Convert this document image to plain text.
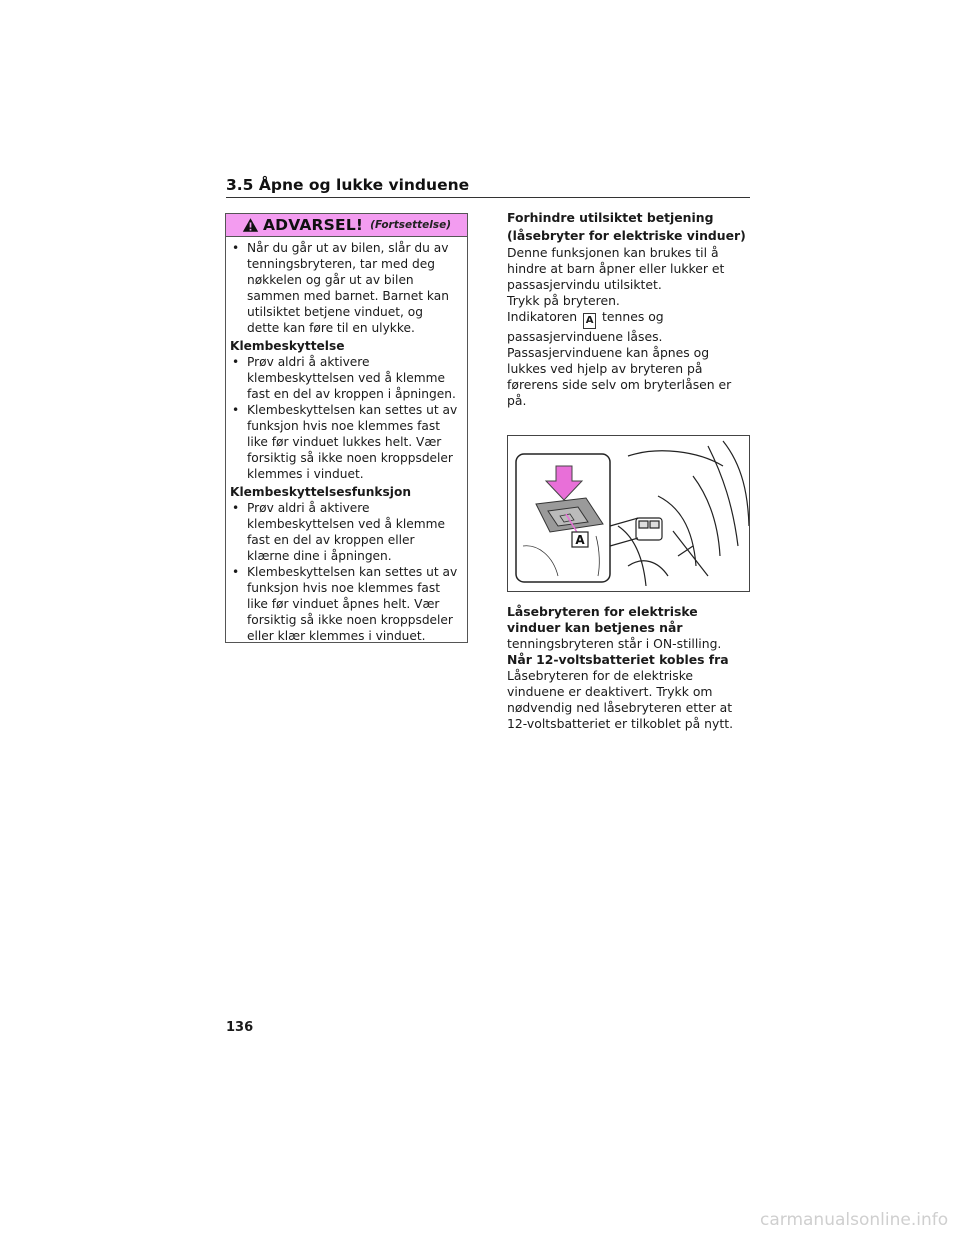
3.5 Åpne og lukke vinduene
ADVARSEL! (Fortsettelse)
• Når du går ut av bilen, slår du av tenningsbryteren, tar med deg nøkkelen og går ut av bilen sammen med barnet. Barnet kan utilsiktet betjene vinduet, og dette kan føre til en ulykke.
Klembeskyttelse
• Prøv aldri å aktivere klembeskyttelsen ved å klemme fast en del av kroppen i åpningen.
• Klembeskyttelsen kan settes ut av funksjon hvis noe klemmes fast like før vinduet lukkes helt. Vær forsiktig så ikke noen kroppsdeler klemmes i vinduet.
Klembeskyttelsesfunksjon
• Prøv aldri å aktivere klembeskyttelsen ved å klemme fast en del av kroppen eller klærne dine i åpningen.
• Klembeskyttelsen kan settes ut av funksjon hvis noe klemmes fast like før vinduet åpnes helt. Vær forsiktig så ikke noen kroppsdeler eller klær klemmes i vinduet.

Forhindre utilsiktet betjening (låsebryter for elektriske vinduer)

Denne funksjonen kan brukes til å hindre at barn åpner eller lukker et passasjervindu utilsiktet.

Trykk på bryteren.

Indikatoren A tennes og passasjervinduene låses.

Passasjervinduene kan åpnes og lukkes ved hjelp av bryteren på førerens side selv om bryterlåsen er på.

A

Låsebryteren for elektriske vinduer kan betjenes når

tenningsbryteren står i ON-stilling.

Når 12-voltsbatteriet kobles fra

Låsebryteren for de elektriske vinduene er deaktivert. Trykk om nødvendig ned låsebryteren etter at 12-voltsbatteriet er tilkoblet på nytt.

136
carmanualsonline.info
